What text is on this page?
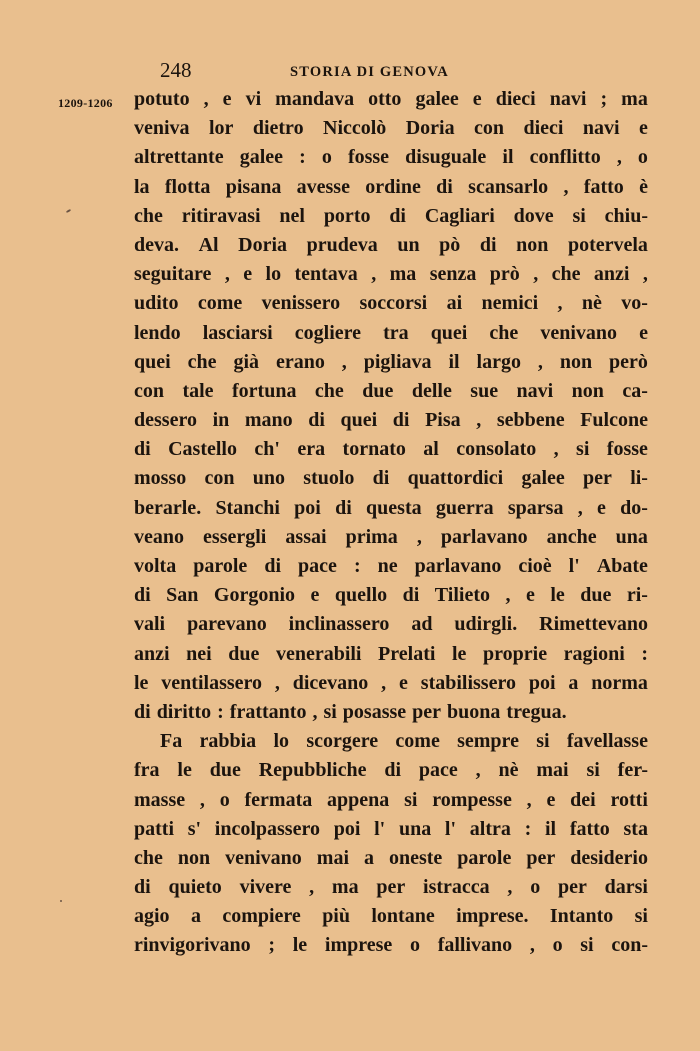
248	STORIA DI GENOVA
1209-1206 potuto , e vi mandava otto galee e dieci navi ; ma
veniva lor dietro Niccolò Doria con dieci navi e
altrettante galee : o fosse disuguale il conflitto , o
la flotta pisana avesse ordine di scansarlo , fatto è
che ritiravasi nel porto di Cagliari dove si chiu-
deva. Al Doria prudeva un pò di non potervela
seguitare , e lo tentava , ma senza prò , che anzi ,
udito come venissero soccorsi ai nemici , nè vo-
lendo lasciarsi cogliere tra quei che venivano e
quei che già erano , pigliava il largo , non però
con tale fortuna che due delle sue navi non ca-
dessero in mano di quei di Pisa , sebbene Fulcone
di Castello ch' era tornato al consolato , si fosse
mosso con uno stuolo di quattordici galee per li-
berarle. Stanchi poi di questa guerra sparsa , e do-
veano essergli assai prima , parlavano anche una
volta parole di pace : ne parlavano cioè l' Abate
di San Gorgonio e quello di Tilieto , e le due ri-
vali parevano inclinassero ad udirgli. Rimettevano
anzi nei due venerabili Prelati le proprie ragioni :
le ventilassero , dicevano , e stabilissero poi a norma
di diritto : frattanto , si posasse per buona tregua.
Fa rabbia lo scorgere come sempre si favellasse
fra le due Repubbliche di pace , nè mai si fer-
masse , o fermata appena si rompesse , e dei rotti
patti s' incolpassero poi l' una l' altra : il fatto sta
che non venivano mai a oneste parole per desiderio
di quieto vivere , ma per istracca , o per darsi
agio a compiere più lontane imprese. Intanto si
rinvigorivano ; le imprese o fallivano , o si con-
